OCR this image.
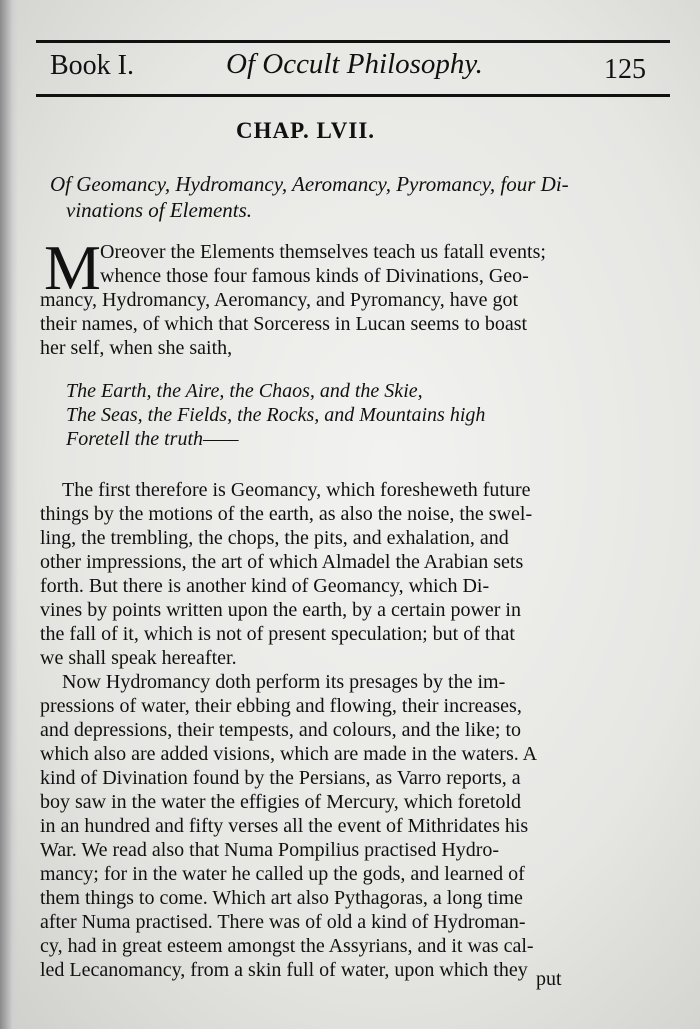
Book I.	Of Occult Philosophy.	125
CHAP. LVII.
Of Geomancy, Hydromancy, Aeromancy, Pyromancy, four Di-
vinations of Elements.
M Oreover the Elements themselves teach us fatall events;
whence those four famous kinds of Divinations, Geo-
mancy, Hydromancy, Aeromancy, and Pyromancy, have got
their names, of which that Sorceress in Lucan seems to boast
her self, when she saith,
The Earth, the Aire, the Chaos, and the Skie,
The Seas, the Fields, the Rocks, and Mountains high
Foretell the truth——
The first therefore is Geomancy, which foresheweth future
things by the motions of the earth, as also the noise, the swel-
ling, the trembling, the chops, the pits, and exhalation, and
other impressions, the art of which Almadel the Arabian sets
forth. But there is another kind of Geomancy, which Di-
vines by points written upon the earth, by a certain power in
the fall of it, which is not of present speculation; but of that
we shall speak hereafter.
Now Hydromancy doth perform its presages by the im-
pressions of water, their ebbing and flowing, their increases,
and depressions, their tempests, and colours, and the like; to
which also are added visions, which are made in the waters. A
kind of Divination found by the Persians, as Varro reports, a
boy saw in the water the effigies of Mercury, which foretold
in an hundred and fifty verses all the event of Mithridates his
War. We read also that Numa Pompilius practised Hydro-
mancy; for in the water he called up the gods, and learned of
them things to come. Which art also Pythagoras, a long time
after Numa practised. There was of old a kind of Hydroman-
cy, had in great esteem amongst the Assyrians, and it was cal-
led Lecanomancy, from a skin full of water, upon which they put
